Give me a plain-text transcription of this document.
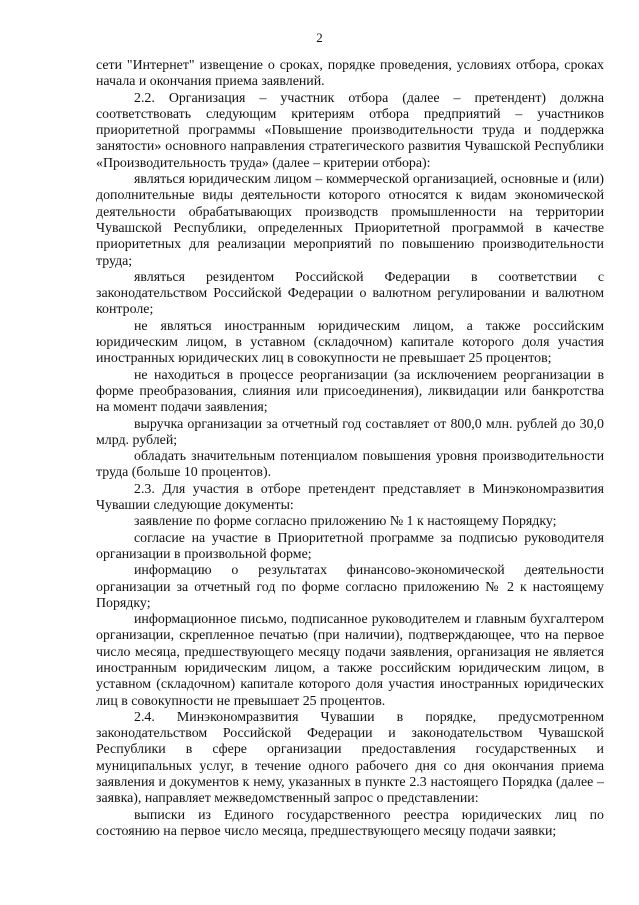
2

сети "Интернет" извещение о сроках, порядке проведения, условиях отбора, сроках начала и окончания приема заявлений.

2.2. Организация – участник отбора (далее – претендент) должна соответствовать следующим критериям отбора предприятий – участников приоритетной программы «Повышение производительности труда и поддержка занятости» основного направления стратегического развития Чувашской Республики «Производительность труда» (далее – критерии отбора):

являться юридическим лицом – коммерческой организацией, основные и (или) дополнительные виды деятельности которого относятся к видам экономической деятельности обрабатывающих производств промышленности на территории Чувашской Республики, определенных Приоритетной программой в качестве приоритетных для реализации мероприятий по повышению производительности труда;

являться резидентом Российской Федерации в соответствии с законодательством Российской Федерации о валютном регулировании и валютном контроле;

не являться иностранным юридическим лицом, а также российским юридическим лицом, в уставном (складочном) капитале которого доля участия иностранных юридических лиц в совокупности не превышает 25 процентов;

не находиться в процессе реорганизации (за исключением реорганизации в форме преобразования, слияния или присоединения), ликвидации или банкротства на момент подачи заявления;

выручка организации за отчетный год составляет от 800,0 млн. рублей до 30,0 млрд. рублей;

обладать значительным потенциалом повышения уровня производительности труда (больше 10 процентов).

2.3. Для участия в отборе претендент представляет в Минэкономразвития Чувашии следующие документы:

заявление по форме согласно приложению № 1 к настоящему Порядку;

согласие на участие в Приоритетной программе за подписью руководителя организации в произвольной форме;

информацию о результатах финансово-экономической деятельности организации за отчетный год по форме согласно приложению № 2 к настоящему Порядку;

информационное письмо, подписанное руководителем и главным бухгалтером организации, скрепленное печатью (при наличии), подтверждающее, что на первое число месяца, предшествующего месяцу подачи заявления, организация не является иностранным юридическим лицом, а также российским юридическим лицом, в уставном (складочном) капитале которого доля участия иностранных юридических лиц в совокупности не превышает 25 процентов.

2.4. Минэкономразвития Чувашии в порядке, предусмотренном законодательством Российской Федерации и законодательством Чувашской Республики в сфере организации предоставления государственных и муниципальных услуг, в течение одного рабочего дня со дня окончания приема заявления и документов к нему, указанных в пункте 2.3 настоящего Порядка (далее – заявка), направляет межведомственный запрос о представлении:

выписки из Единого государственного реестра юридических лиц по состоянию на первое число месяца, предшествующего месяцу подачи заявки;
